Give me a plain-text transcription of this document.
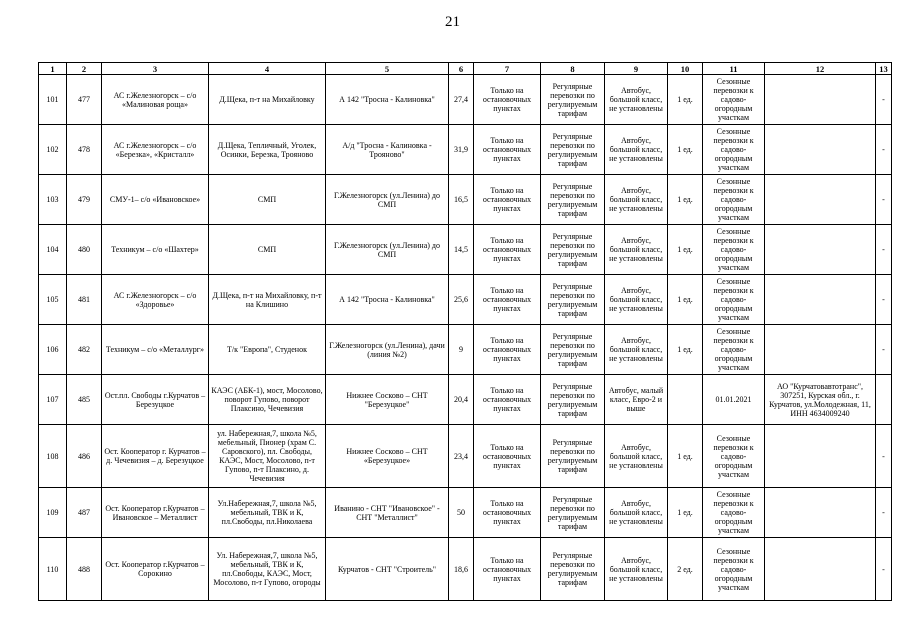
21
1	2	3	4	5	6	7	8	9	10	11	12	13
101	477	АС г.Железногорск – с/о «Малиновая роща»	Д.Щека, п-т на Михайловку	А 142 "Тросна - Калиновка"	27,4	Только на остановочных пунктах	Регулярные перевозки по регулируемым тарифам	Автобус, большой класс, не установлены	1 ед.	Сезонные перевозки к садово-огородным участкам		-
102	478	АС г.Железногорск – с/о «Березка», «Кристалл»	Д.Щека, Тепличный, Уголек, Осинки, Березка, Трояново	А/д "Тросна - Калиновка - Трояново"	31,9	Только на остановочных пунктах	Регулярные перевозки по регулируемым тарифам	Автобус, большой класс, не установлены	1 ед.	Сезонные перевозки к садово-огородным участкам		-
103	479	СМУ-1– с/о «Ивановское»	СМП	Г.Железногорск (ул.Ленина) до СМП	16,5	Только на остановочных пунктах	Регулярные перевозки по регулируемым тарифам	Автобус, большой класс, не установлены	1 ед.	Сезонные перевозки к садово-огородным участкам		-
104	480	Техникум – с/о «Шахтер»	СМП	Г.Железногорск (ул.Ленина) до СМП	14,5	Только на остановочных пунктах	Регулярные перевозки по регулируемым тарифам	Автобус, большой класс, не установлены	1 ед.	Сезонные перевозки к садово-огородным участкам		-
105	481	АС г.Железногорск – с/о «Здоровье»	Д.Щека, п-т на Михайловку, п-т на Клишино	А 142 "Тросна - Калиновка"	25,6	Только на остановочных пунктах	Регулярные перевозки по регулируемым тарифам	Автобус, большой класс, не установлены	1 ед.	Сезонные перевозки к садово-огородным участкам		-
106	482	Техникум – с/о «Металлург»	Т/к "Европа", Студенок	Г.Железногорск (ул.Ленина), дачи (линия №2)	9	Только на остановочных пунктах	Регулярные перевозки по регулируемым тарифам	Автобус, большой класс, не установлены	1 ед.	Сезонные перевозки к садово-огородным участкам		-
107	485	Ост.пл. Свободы г.Курчатов – Березуцкое	КАЭС (АБК-1), мост, Мосолово, поворот Гупово, поворот Плаксино, Чечевизия	Нижнее Сосково – СНТ "Березуцкое"	20,4	Только на остановочных пунктах	Регулярные перевозки по регулируемым тарифам	Автобус, малый класс, Евро-2 и выше		01.01.2021	АО "Курчатовавтотранс", 307251, Курская обл., г. Курчатов, ул.Молодежная, 11, ИНН 4634009240	
108	486	Ост. Кооператор г. Курчатов – д. Чечевизия – д. Березуцкое	ул. Набережная,7, школа №5, мебельный, Пионер (храм С. Саровского), пл. Свободы, КАЭС, Мост, Мосолово, п-т Гупово, п-т Плаксино, д. Чечевизия	Нижнее Сосково – СНТ «Березуцкое»	23,4	Только на остановочных пунктах	Регулярные перевозки по регулируемым тарифам	Автобус, большой класс, не установлены	1 ед.	Сезонные перевозки к садово-огородным участкам		-
109	487	Ост. Кооператор г.Курчатов – Ивановское – Металлист	Ул.Набережная,7, школа №5, мебельный, ТВК и К, пл.Свободы, пл.Николаева	Иванино - СНТ "Ивановское" - СНТ "Металлист"	50	Только на остановочных пунктах	Регулярные перевозки по регулируемым тарифам	Автобус, большой класс, не установлены	1 ед.	Сезонные перевозки к садово-огородным участкам		-
110	488	Ост. Кооператор г.Курчатов – Сорокино	Ул. Набережная,7, школа №5, мебельный, ТВК и К, пл.Свободы, КАЭС, Мост, Мосолово, п-т Гупово, огороды	Курчатов - СНТ "Строитель"	18,6	Только на остановочных пунктах	Регулярные перевозки по регулируемым тарифам	Автобус, большой класс, не установлены	2 ед.	Сезонные перевозки к садово-огородным участкам		-
